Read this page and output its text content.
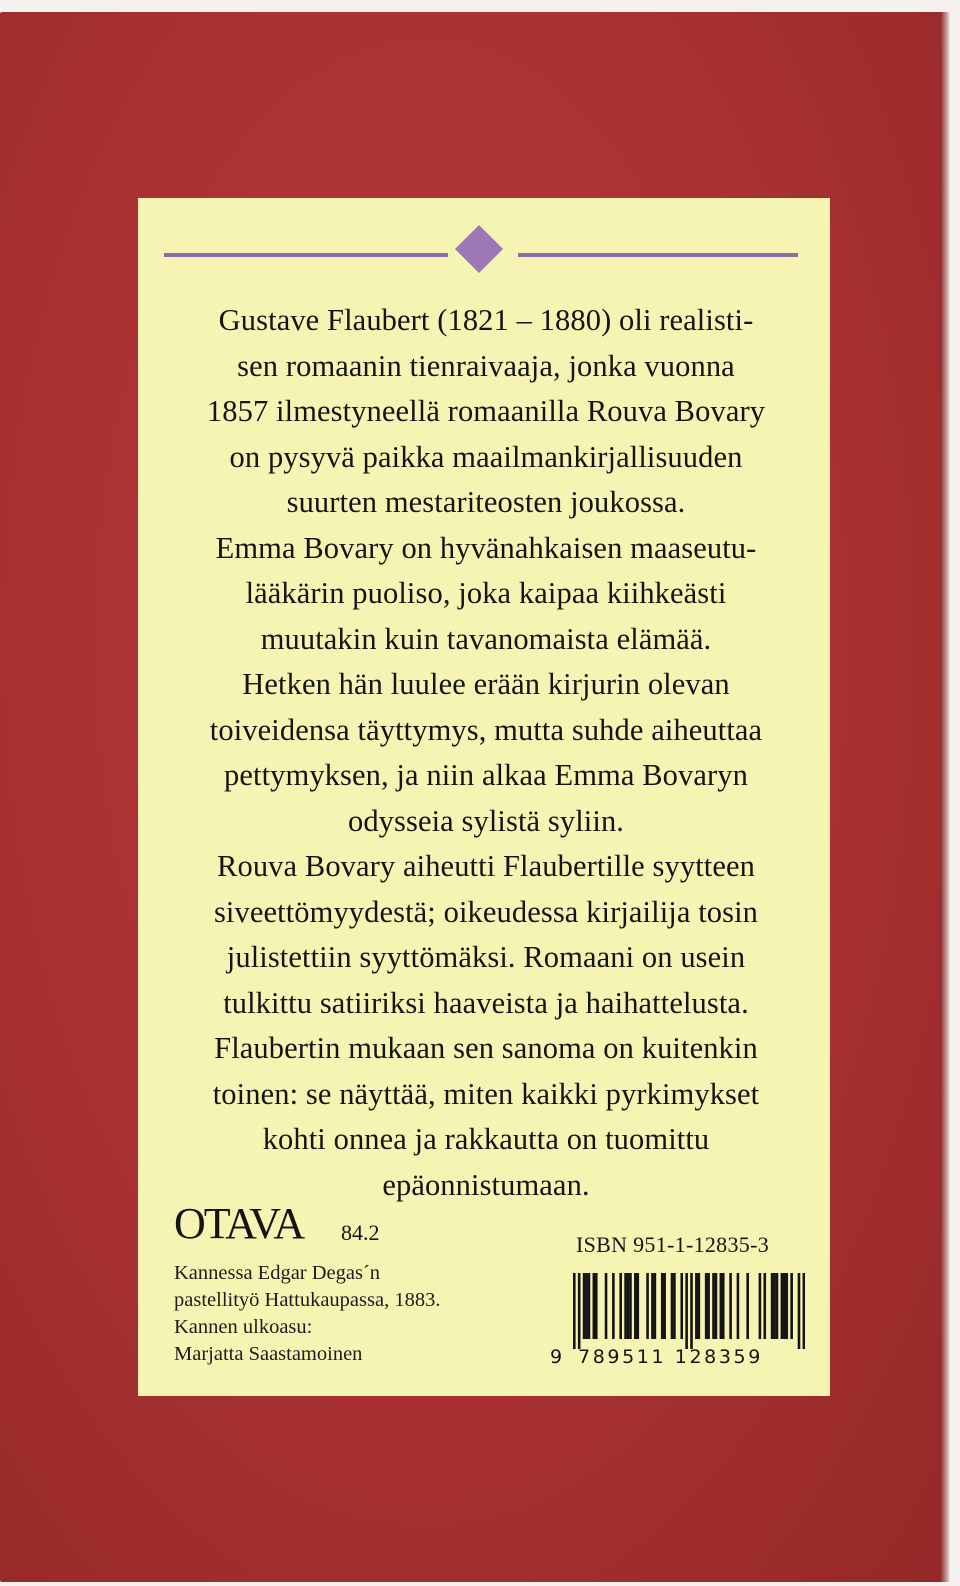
Gustave Flaubert (1821 – 1880) oli realisti-
sen romaanin tienraivaaja, jonka vuonna
1857 ilmestyneellä romaanilla Rouva Bovary
on pysyvä paikka maailmankirjallisuuden
suurten mestariteosten joukossa.
Emma Bovary on hyvänahkaisen maaseutu-
lääkärin puoliso, joka kaipaa kiihkeästi
muutakin kuin tavanomaista elämää.
Hetken hän luulee erään kirjurin olevan
toiveidensa täyttymys, mutta suhde aiheuttaa
pettymyksen, ja niin alkaa Emma Bovaryn
odysseia sylistä syliin.
Rouva Bovary aiheutti Flaubertille syytteen
siveettömyydestä; oikeudessa kirjailija tosin
julistettiin syyttömäksi. Romaani on usein
tulkittu satiiriksi haaveista ja haihattelusta.
Flaubertin mukaan sen sanoma on kuitenkin
toinen: se näyttää, miten kaikki pyrkimykset
kohti onnea ja rakkautta on tuomittu
epäonnistumaan.
OTAVA 84.2
Kannessa Edgar Degas´n
pastellityö Hattukaupassa, 1883.
Kannen ulkoasu:
Marjatta Saastamoinen
ISBN 951-1-12835-3
9 789511 128359
